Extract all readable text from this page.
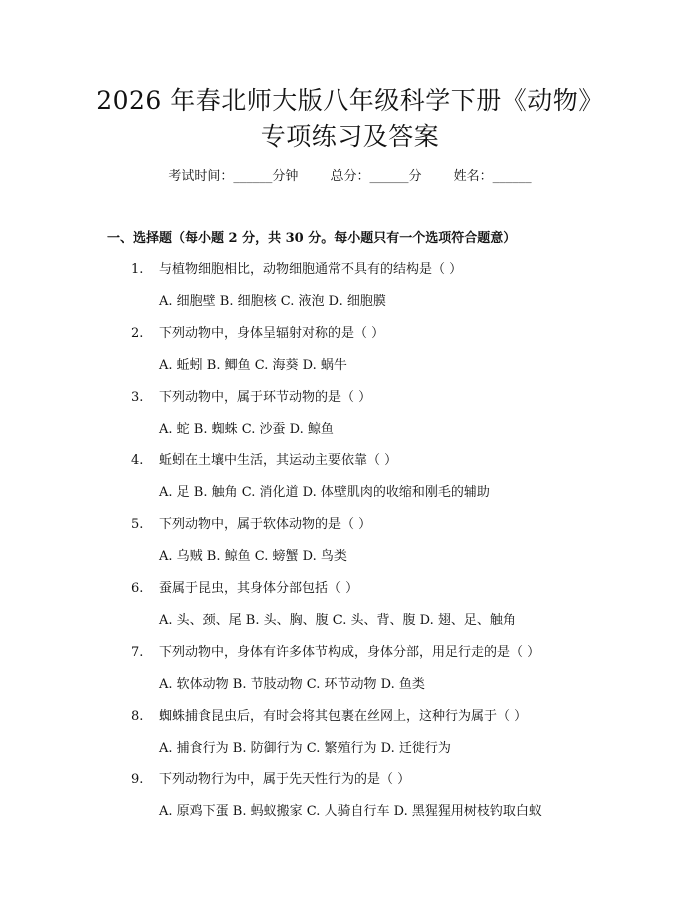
2026 年春北师大版八年级科学下册《动物》
专项练习及答案
考试时间：______分钟 总分：______分 姓名：______
一、选择题（每小题 2 分，共 30 分。每小题只有一个选项符合题意）
1. 与植物细胞相比，动物细胞通常不具有的结构是（ ）
A. 细胞壁 B. 细胞核 C. 液泡 D. 细胞膜
2. 下列动物中，身体呈辐射对称的是（ ）
A. 蚯蚓 B. 鲫鱼 C. 海葵 D. 蜗牛
3. 下列动物中，属于环节动物的是（ ）
A. 蛇 B. 蜘蛛 C. 沙蚕 D. 鲸鱼
4. 蚯蚓在土壤中生活，其运动主要依靠（ ）
A. 足 B. 触角 C. 消化道 D. 体壁肌肉的收缩和刚毛的辅助
5. 下列动物中，属于软体动物的是（ ）
A. 乌贼 B. 鲸鱼 C. 螃蟹 D. 鸟类
6. 蚕属于昆虫，其身体分部包括（ ）
A. 头、颈、尾 B. 头、胸、腹 C. 头、背、腹 D. 翅、足、触角
7. 下列动物中，身体有许多体节构成，身体分部，用足行走的是（ ）
A. 软体动物 B. 节肢动物 C. 环节动物 D. 鱼类
8. 蜘蛛捕食昆虫后，有时会将其包裹在丝网上，这种行为属于（ ）
A. 捕食行为 B. 防御行为 C. 繁殖行为 D. 迁徙行为
9. 下列动物行为中，属于先天性行为的是（ ）
A. 原鸡下蛋 B. 蚂蚁搬家 C. 人骑自行车 D. 黑猩猩用树枝钓取白蚁
